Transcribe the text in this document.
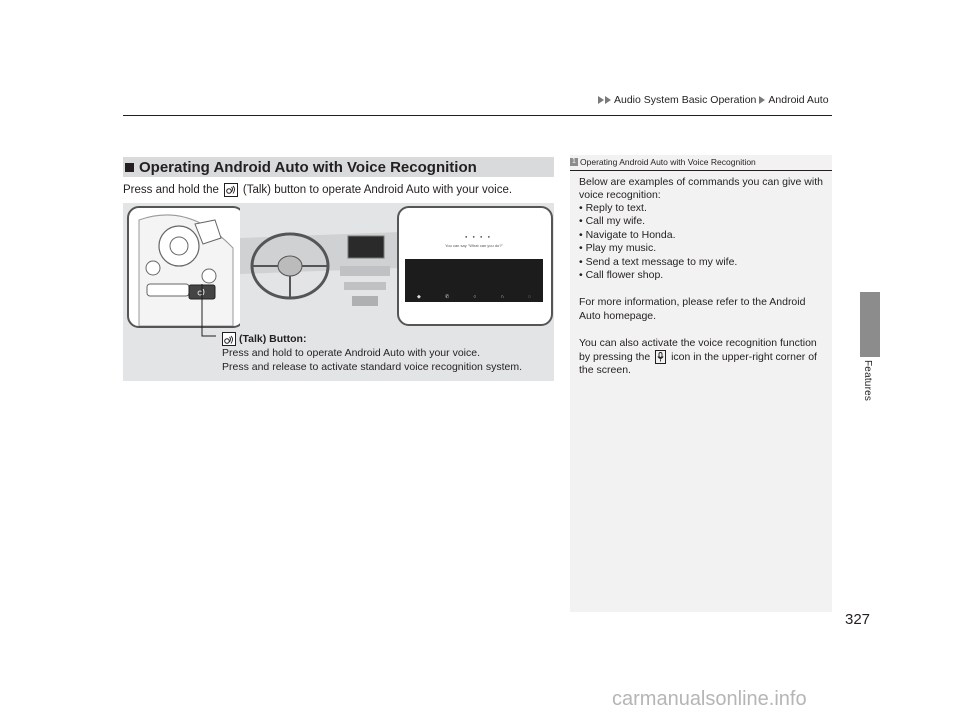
Audio System Basic Operation Android Auto
Features
327
Operating Android Auto with Voice Recognition
Press and hold the (Talk) button to operate Android Auto with your voice.
● ● ● ●
You can say "What can you do?"
◆	✆	○	∩	◌
(Talk) Button:
Press and hold to operate Android Auto with your voice.
Press and release to activate standard voice recognition system.
1 Operating Android Auto with Voice Recognition
Below are examples of commands you can give with
voice recognition:
• Reply to text.
• Call my wife.
• Navigate to Honda.
• Play my music.
• Send a text message to my wife.
• Call flower shop.
For more information, please refer to the Android
Auto homepage.
You can also activate the voice recognition function
by pressing the icon in the upper-right corner of
the screen.
carmanualsonline.info
